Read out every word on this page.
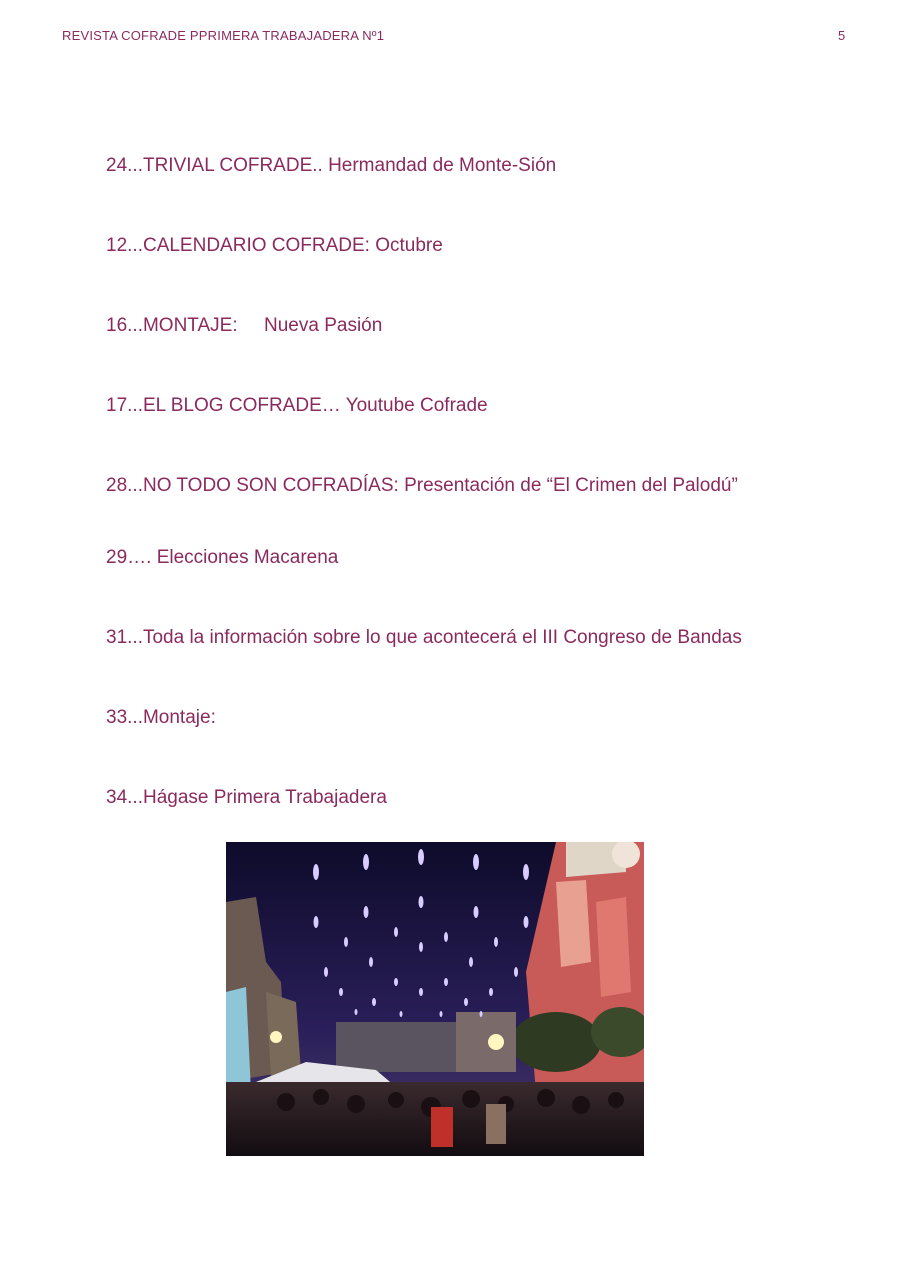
REVISTA COFRADE PPRIMERA TRABAJADERA Nº1	5
24...TRIVIAL COFRADE.. Hermandad de Monte-Sión
12...CALENDARIO COFRADE: Octubre
16...MONTAJE:     Nueva Pasión
17...EL BLOG COFRADE… Youtube Cofrade
28...NO TODO SON COFRADÍAS: Presentación de “El Crimen del Palodú”
29…. Elecciones Macarena
31...Toda la información sobre lo que acontecerá el III Congreso de Bandas
33...Montaje:
34...Hágase Primera Trabajadera
